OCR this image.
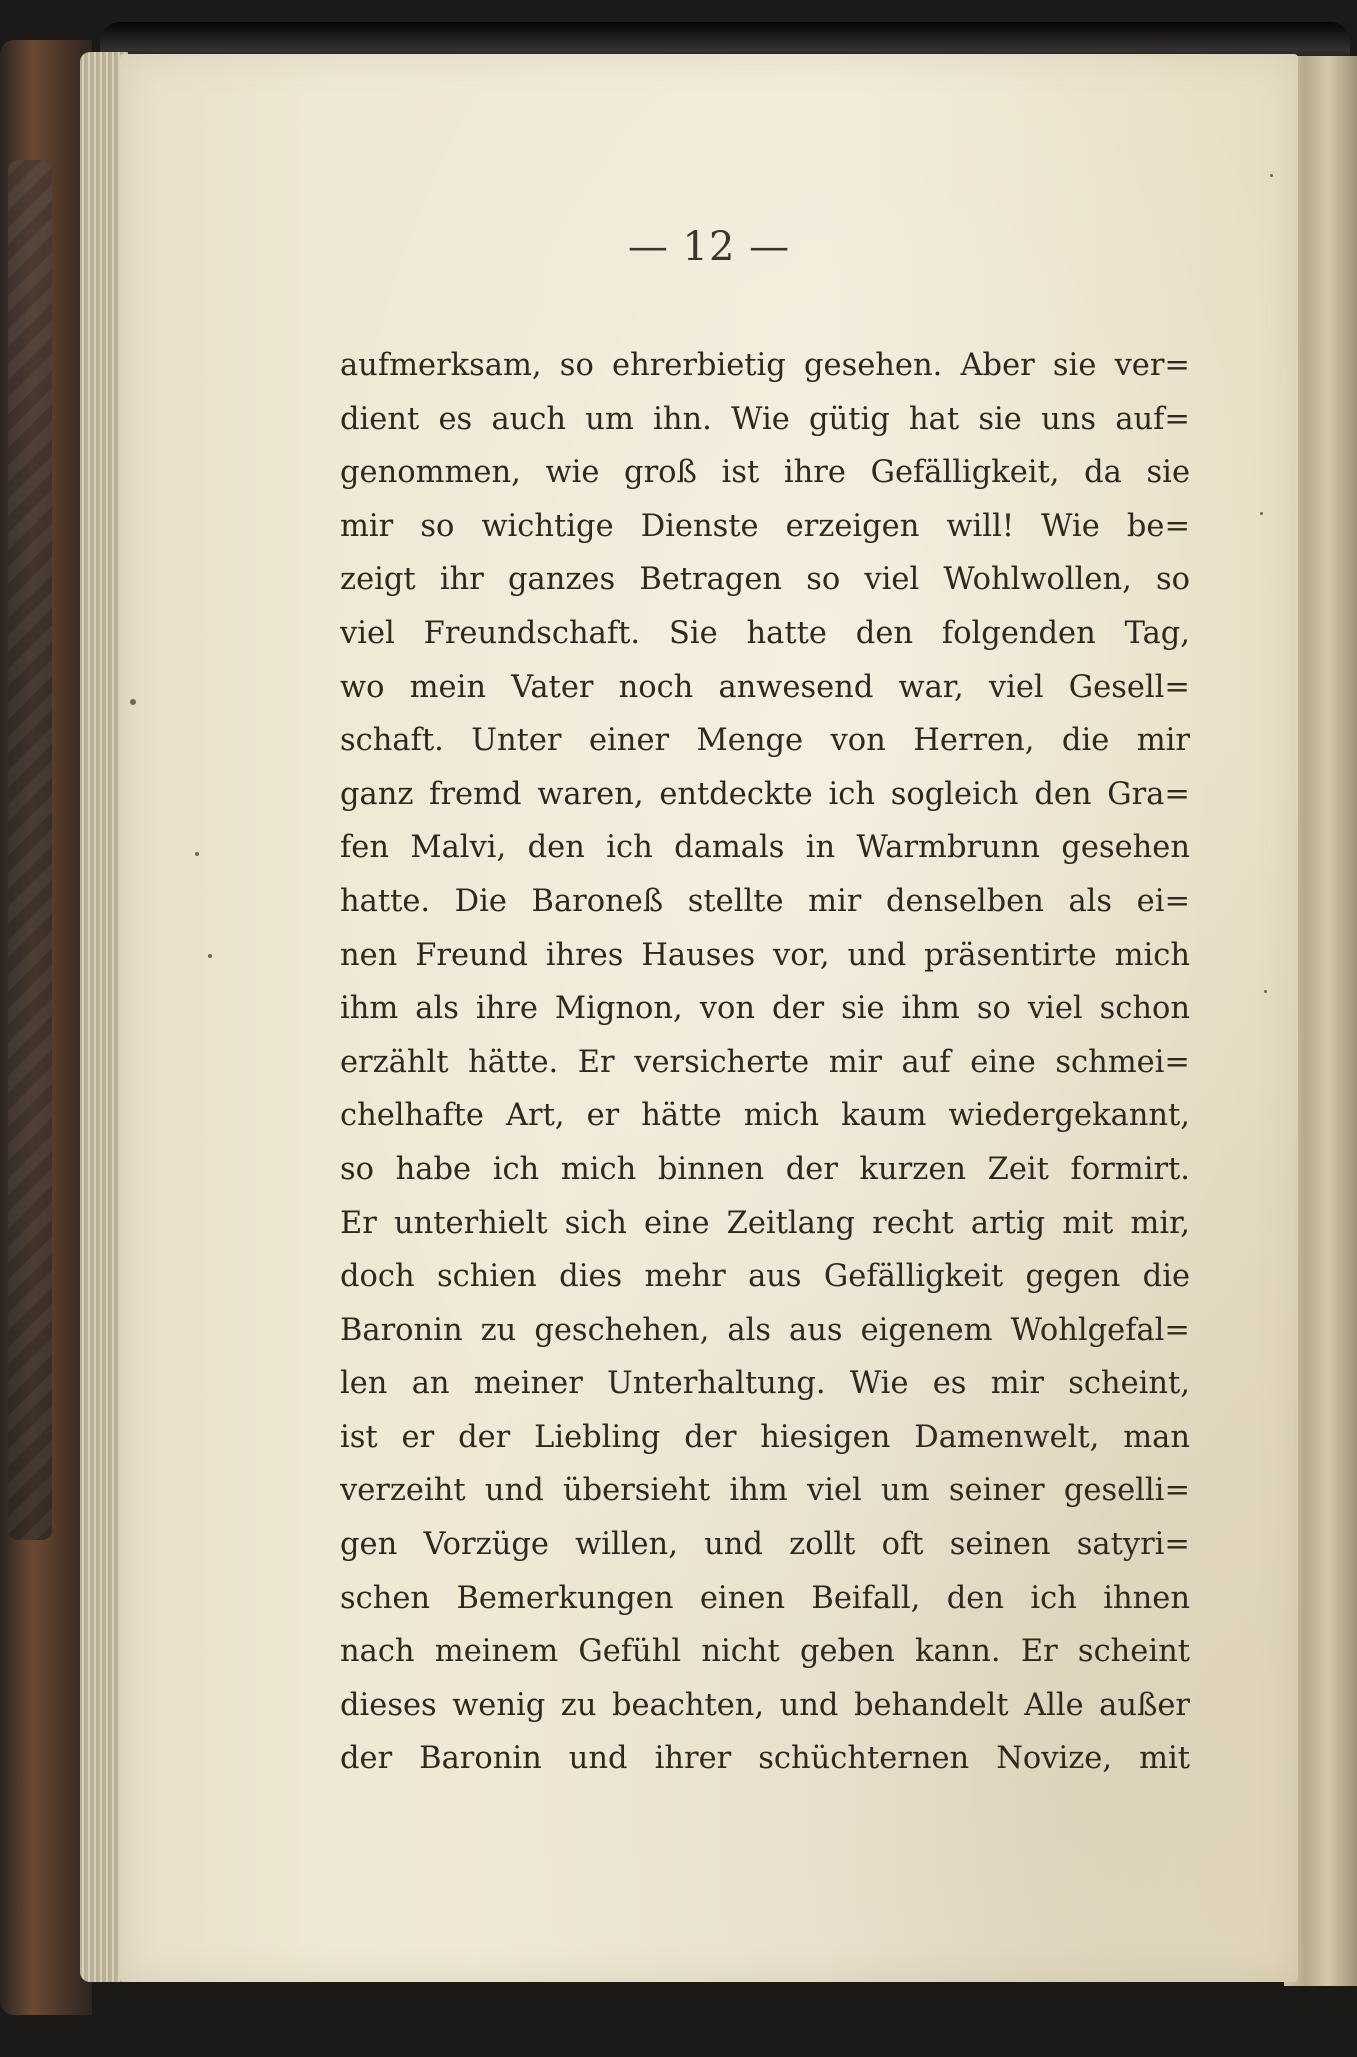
— 12 —
aufmerksam, so ehrerbietig gesehen. Aber sie ver=
dient es auch um ihn. Wie gütig hat sie uns auf=
genommen, wie groß ist ihre Gefälligkeit, da sie
mir so wichtige Dienste erzeigen will! Wie be=
zeigt ihr ganzes Betragen so viel Wohlwollen, so
viel Freundschaft. Sie hatte den folgenden Tag,
wo mein Vater noch anwesend war, viel Gesell=
schaft. Unter einer Menge von Herren, die mir
ganz fremd waren, entdeckte ich sogleich den Gra=
fen Malvi, den ich damals in Warmbrunn gesehen
hatte. Die Baroneß stellte mir denselben als ei=
nen Freund ihres Hauses vor, und präsentirte mich
ihm als ihre Mignon, von der sie ihm so viel schon
erzählt hätte. Er versicherte mir auf eine schmei=
chelhafte Art, er hätte mich kaum wiedergekannt,
so habe ich mich binnen der kurzen Zeit formirt.
Er unterhielt sich eine Zeitlang recht artig mit mir,
doch schien dies mehr aus Gefälligkeit gegen die
Baronin zu geschehen, als aus eigenem Wohlgefal=
len an meiner Unterhaltung. Wie es mir scheint,
ist er der Liebling der hiesigen Damenwelt, man
verzeiht und übersieht ihm viel um seiner geselli=
gen Vorzüge willen, und zollt oft seinen satyri=
schen Bemerkungen einen Beifall, den ich ihnen
nach meinem Gefühl nicht geben kann. Er scheint
dieses wenig zu beachten, und behandelt Alle außer
der Baronin und ihrer schüchternen Novize, mit
